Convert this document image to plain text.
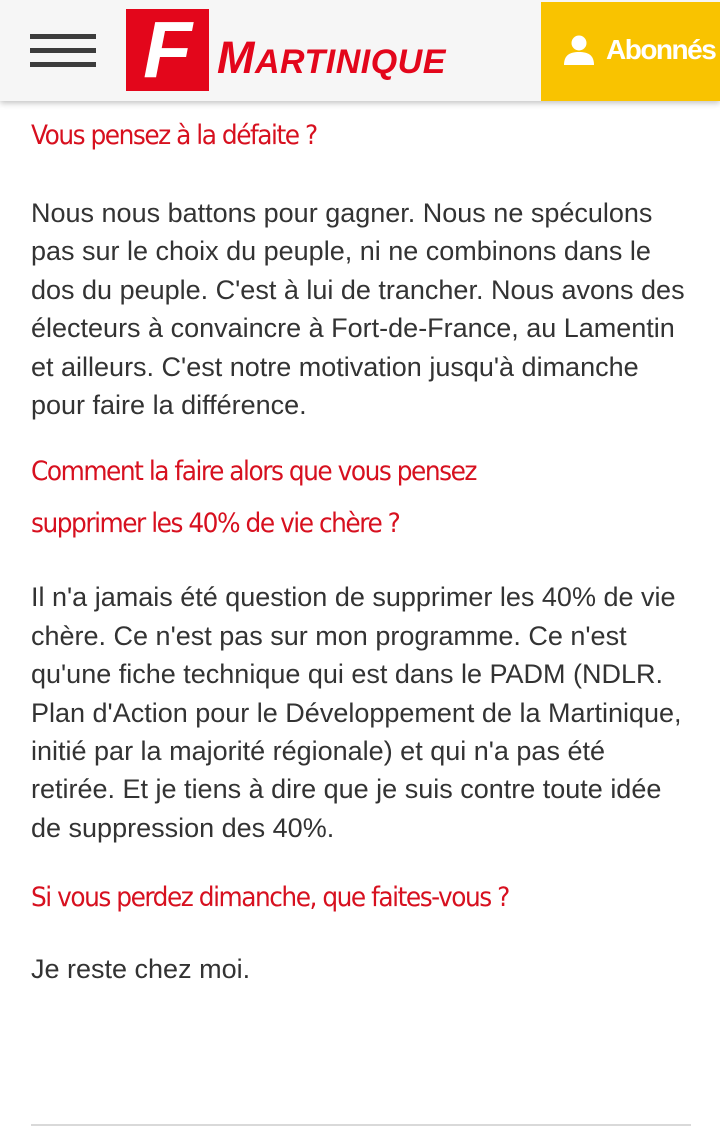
F MARTINIQUE	Abonnés
Vous pensez à la défaite ?

Nous nous battons pour gagner. Nous ne spéculons pas sur le choix du peuple, ni ne combinons dans le dos du peuple. C'est à lui de trancher. Nous avons des électeurs à convaincre à Fort-de-France, au Lamentin et ailleurs. C'est notre motivation jusqu'à dimanche pour faire la différence.

Comment la faire alors que vous pensez
supprimer les 40% de vie chère ?

Il n'a jamais été question de supprimer les 40% de vie chère. Ce n'est pas sur mon programme. Ce n'est qu'une fiche technique qui est dans le PADM (NDLR. Plan d'Action pour le Développement de la Martinique, initié par la majorité régionale) et qui n'a pas été retirée. Et je tiens à dire que je suis contre toute idée de suppression des 40%.

Si vous perdez dimanche, que faites-vous ?

Je reste chez moi.
